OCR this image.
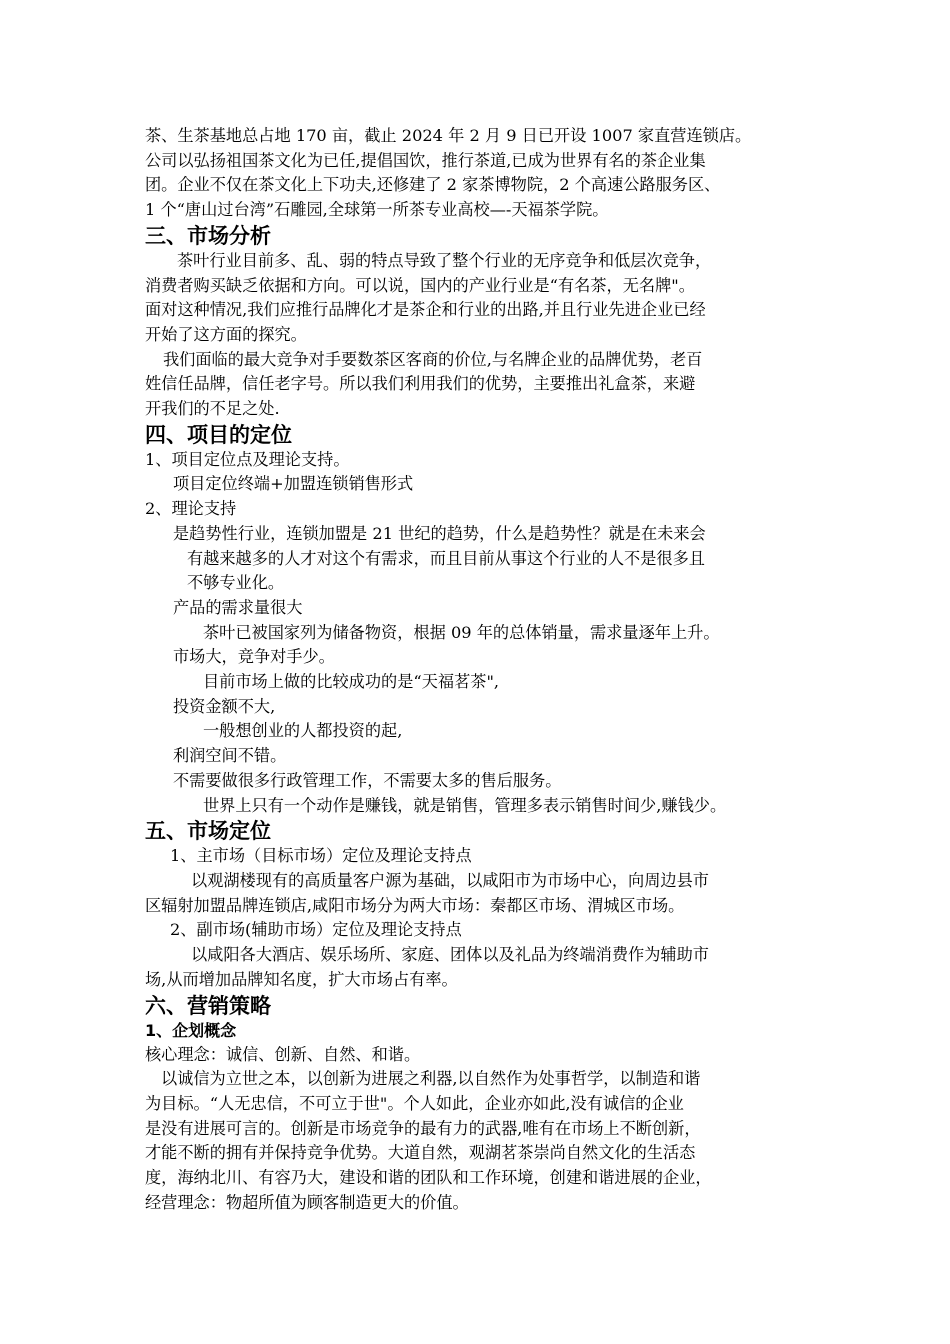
茶、生茶基地总占地 170 亩，截止 2024 年 2 月 9 日已开设 1007 家直营连锁店。
公司以弘扬祖国茶文化为已任,提倡国饮，推行茶道,已成为世界有名的茶企业集
团。企业不仅在茶文化上下功夫,还修建了 2 家茶博物院，2 个高速公路服务区、
1 个“唐山过台湾”石雕园,全球第一所茶专业高校—-天福茶学院。
三、市场分析
茶叶行业目前多、乱、弱的特点导致了整个行业的无序竞争和低层次竞争，
消费者购买缺乏依据和方向。可以说，国内的产业行业是“有名茶，无名牌"。
面对这种情况,我们应推行品牌化才是茶企和行业的出路,并且行业先进企业已经
开始了这方面的探究。
我们面临的最大竞争对手要数茶区客商的价位,与名牌企业的品牌优势，老百
姓信任品牌，信任老字号。所以我们利用我们的优势，主要推出礼盒茶，来避
开我们的不足之处.
四、项目的定位
1、项目定位点及理论支持。
项目定位终端+加盟连锁销售形式
2、理论支持
是趋势性行业，连锁加盟是 21 世纪的趋势，什么是趋势性？就是在未来会
有越来越多的人才对这个有需求，而且目前从事这个行业的人不是很多且
不够专业化。
产品的需求量很大
茶叶已被国家列为储备物资，根据 09 年的总体销量，需求量逐年上升。
市场大，竞争对手少。
目前市场上做的比较成功的是“天福茗茶",
投资金额不大,
一般想创业的人都投资的起,
利润空间不错。
不需要做很多行政管理工作，不需要太多的售后服务。
世界上只有一个动作是赚钱，就是销售，管理多表示销售时间少,赚钱少。
五、市场定位
1、主市场（目标市场）定位及理论支持点
以观湖楼现有的高质量客户源为基础，以咸阳市为市场中心，向周边县市
区辐射加盟品牌连锁店,咸阳市场分为两大市场：秦都区市场、渭城区市场。
2、副市场(辅助市场）定位及理论支持点
以咸阳各大酒店、娱乐场所、家庭、团体以及礼品为终端消费作为辅助市
场,从而增加品牌知名度，扩大市场占有率。
六、营销策略
1、企划概念
核心理念：诚信、创新、自然、和谐。
以诚信为立世之本，以创新为进展之利器,以自然作为处事哲学，以制造和谐
为目标。“人无忠信，不可立于世"。个人如此，企业亦如此,没有诚信的企业
是没有进展可言的。创新是市场竞争的最有力的武器,唯有在市场上不断创新，
才能不断的拥有并保持竞争优势。大道自然，观湖茗茶崇尚自然文化的生活态
度，海纳北川、有容乃大，建设和谐的团队和工作环境，创建和谐进展的企业，
经营理念：物超所值为顾客制造更大的价值。
